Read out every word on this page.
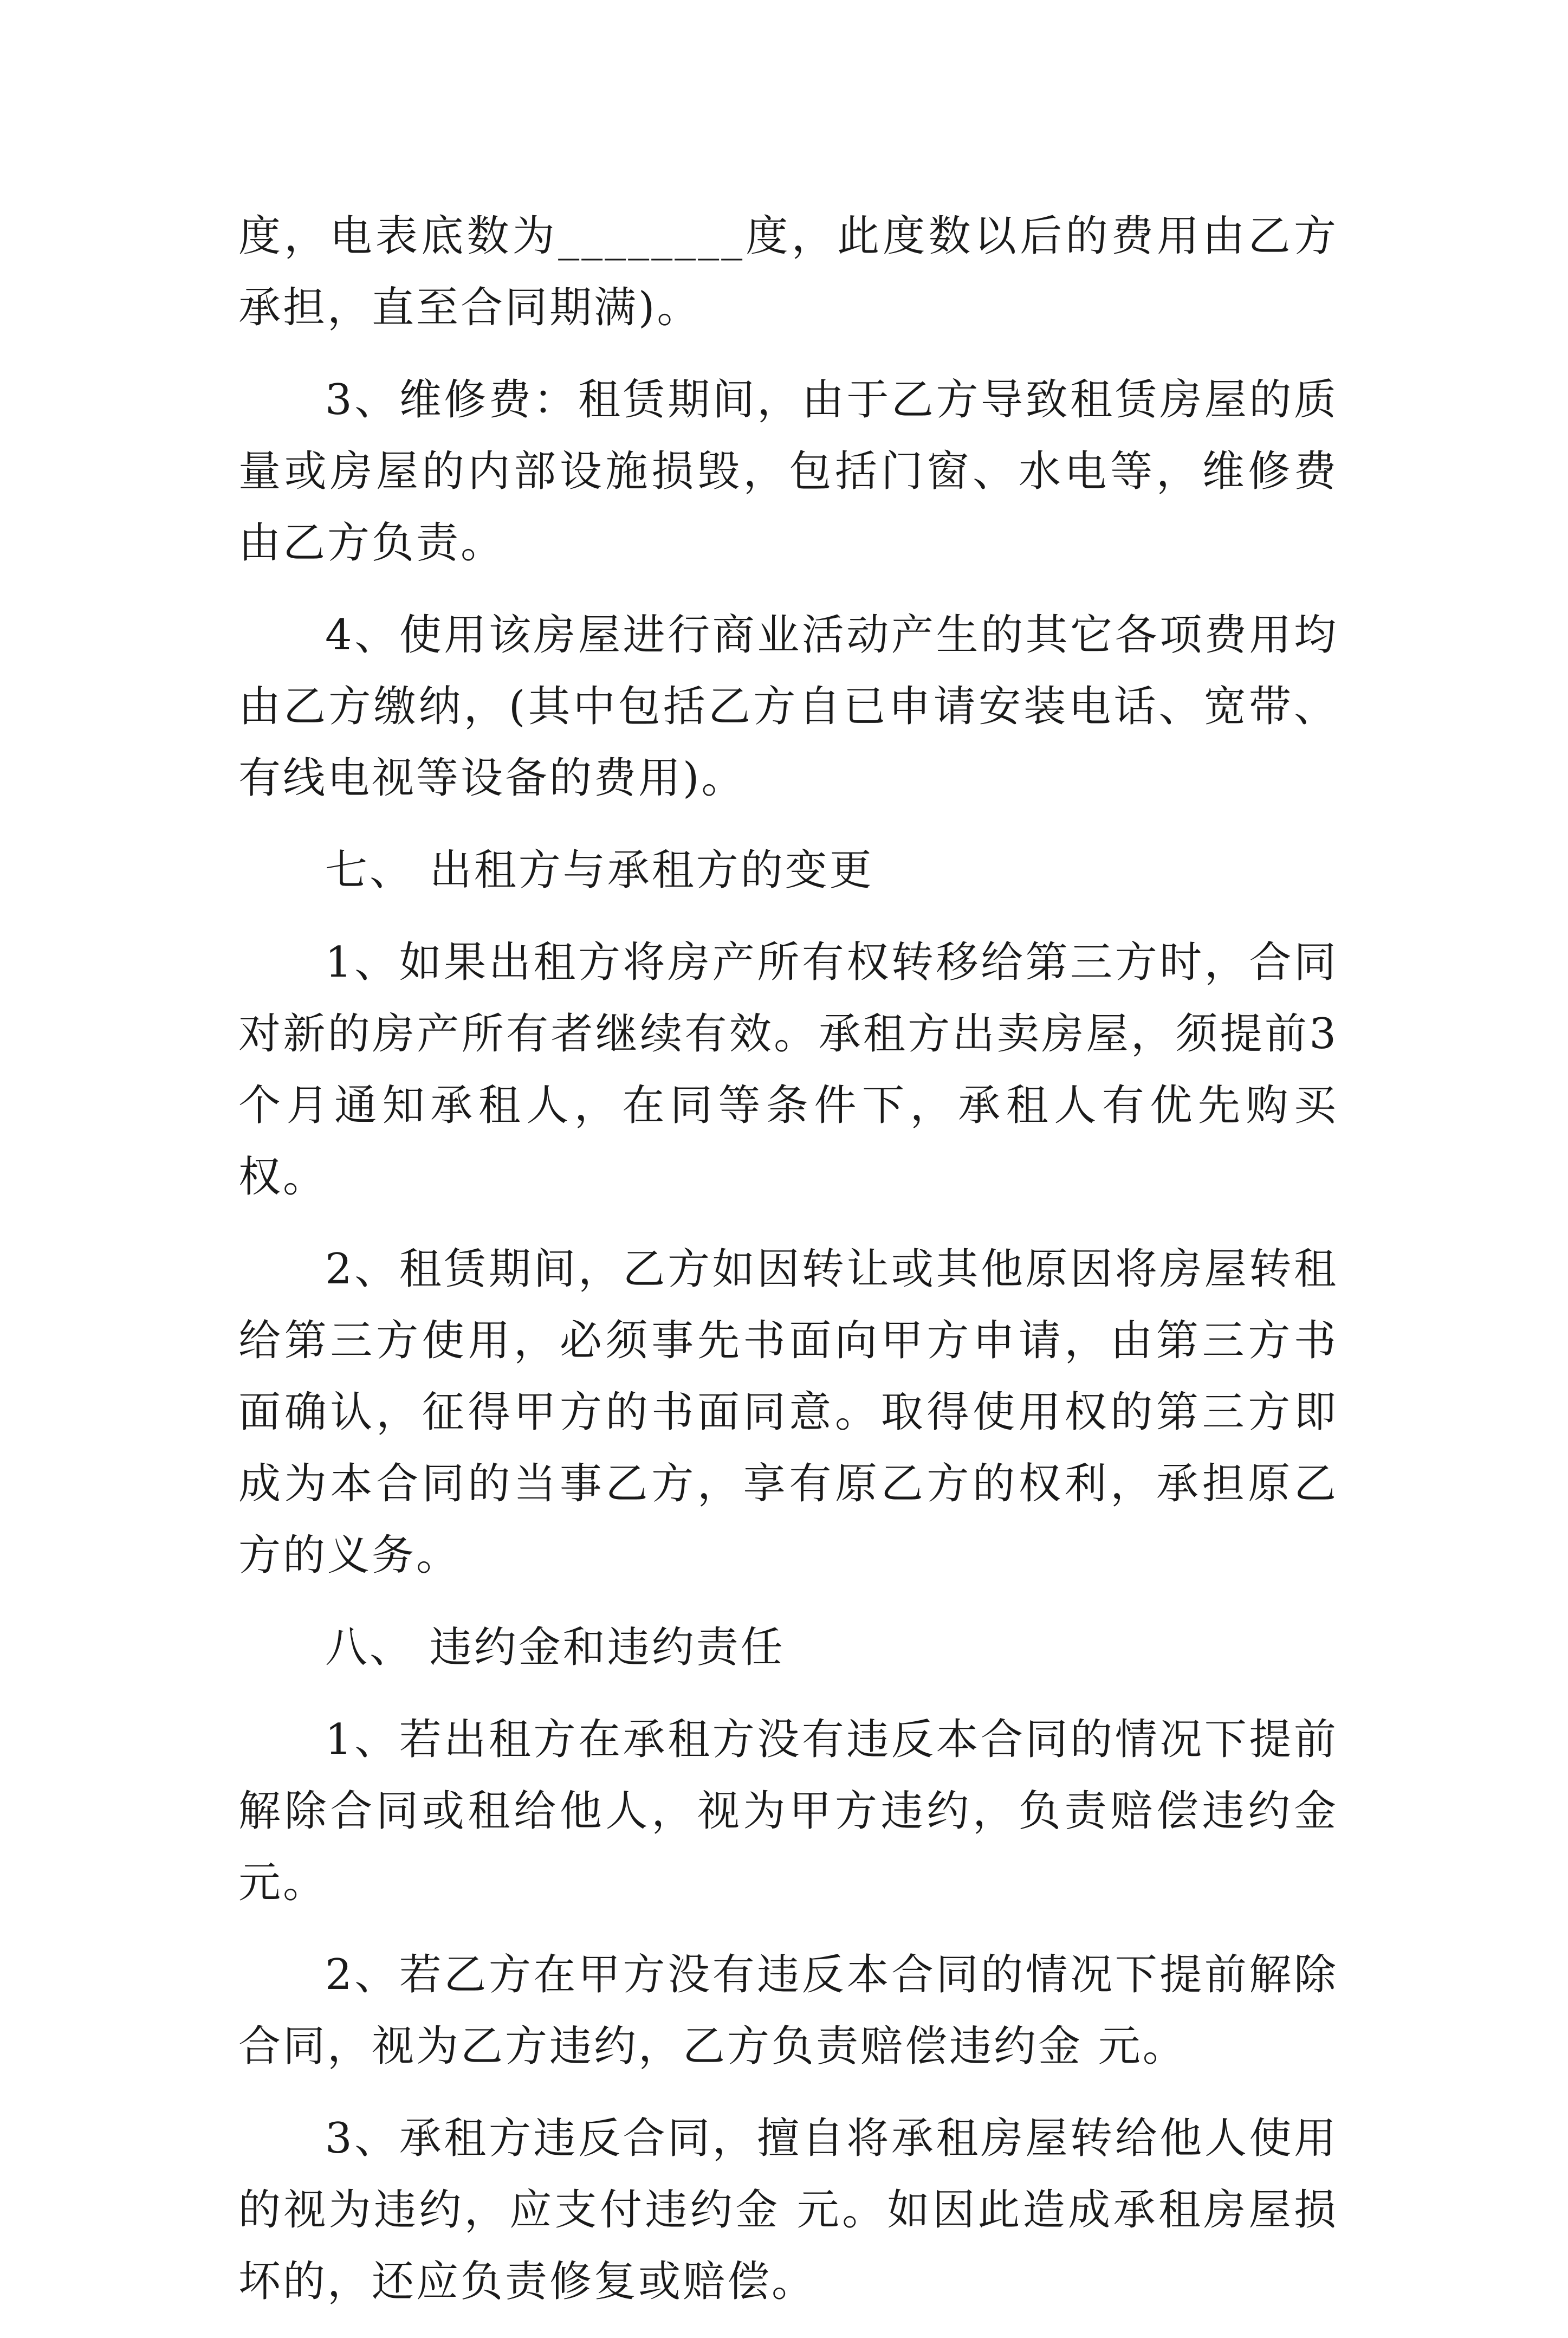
度，电表底数为________度，此度数以后的费用由乙方承担，直至合同期满)。

3、维修费：租赁期间，由于乙方导致租赁房屋的质量或房屋的内部设施损毁，包括门窗、水电等，维修费由乙方负责。

4、使用该房屋进行商业活动产生的其它各项费用均由乙方缴纳，(其中包括乙方自已申请安装电话、宽带、有线电视等设备的费用)。

七、 出租方与承租方的变更

1、如果出租方将房产所有权转移给第三方时，合同对新的房产所有者继续有效。承租方出卖房屋，须提前3个月通知承租人，在同等条件下，承租人有优先购买权。

2、租赁期间，乙方如因转让或其他原因将房屋转租给第三方使用，必须事先书面向甲方申请，由第三方书面确认，征得甲方的书面同意。取得使用权的第三方即成为本合同的当事乙方，享有原乙方的权利，承担原乙方的义务。

八、 违约金和违约责任

1、若出租方在承租方没有违反本合同的情况下提前解除合同或租给他人，视为甲方违约，负责赔偿违约金 元。

2、若乙方在甲方没有违反本合同的情况下提前解除合同，视为乙方违约，乙方负责赔偿违约金 元。

3、承租方违反合同，擅自将承租房屋转给他人使用的视为违约，应支付违约金 元。如因此造成承租房屋损坏的，还应负责修复或赔偿。
